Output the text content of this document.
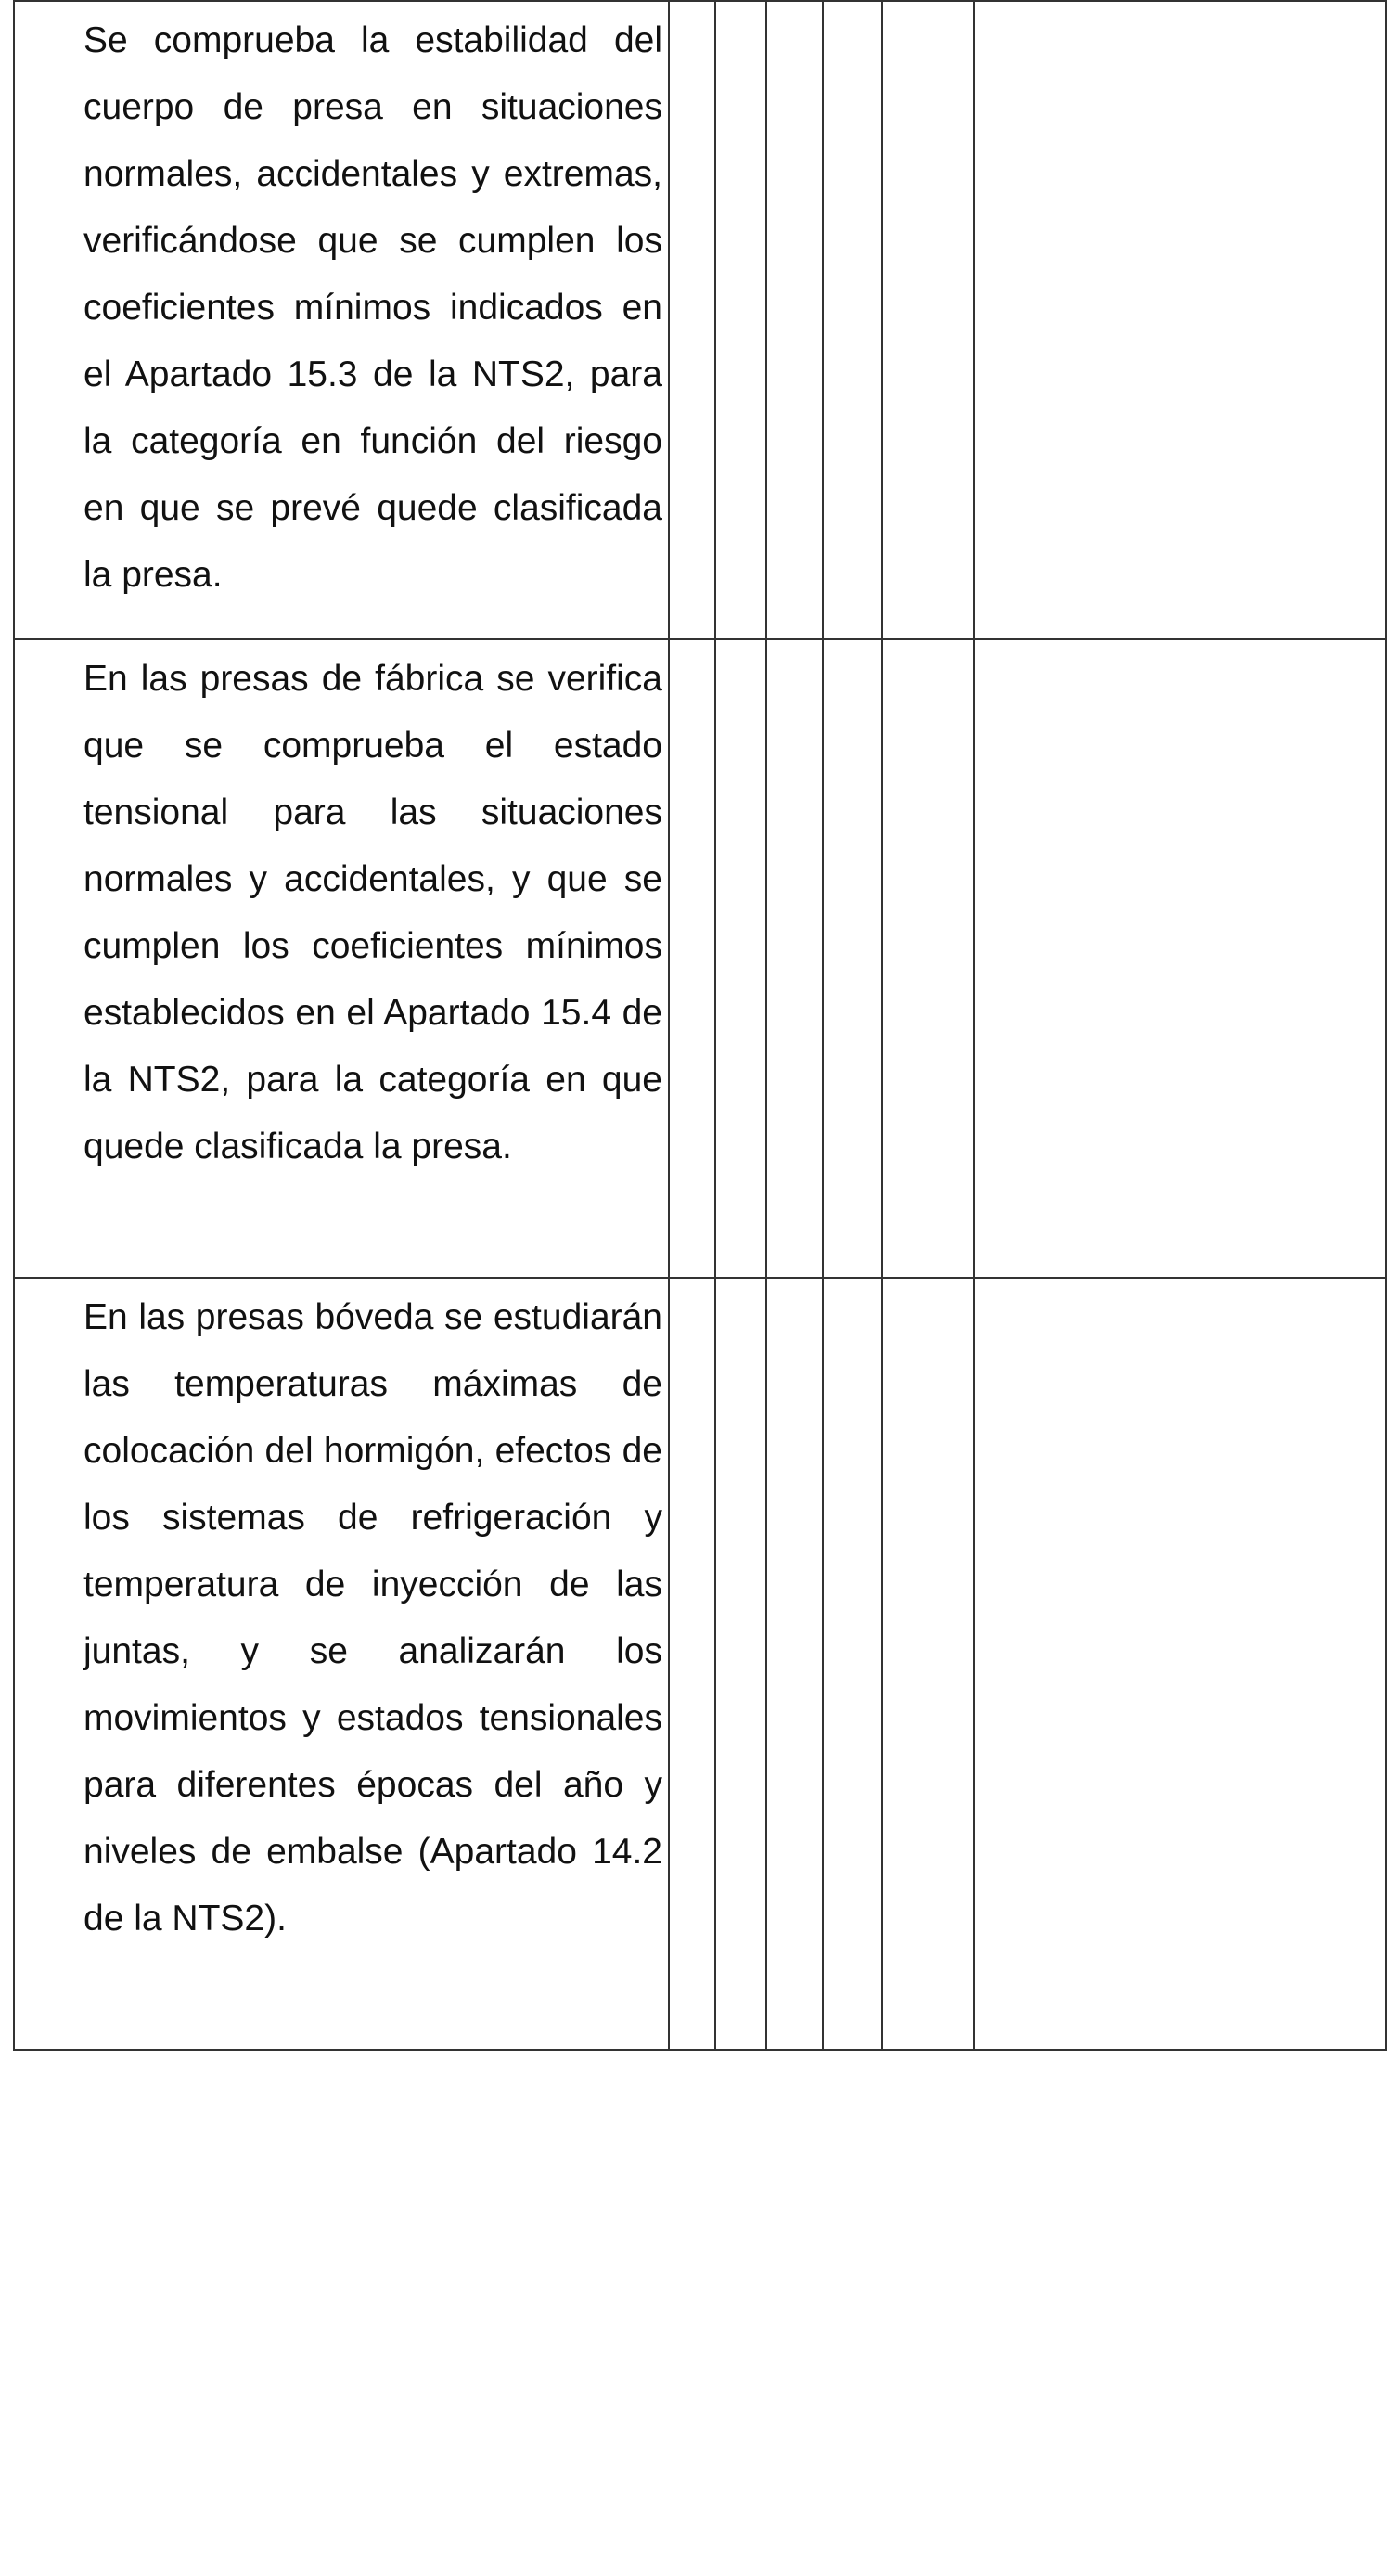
Se comprueba la estabilidad del cuerpo de presa en situaciones normales, accidentales y extremas, verificándose que se cumplen los coeficientes mínimos indicados en el Apartado 15.3 de la NTS2, para la categoría en función del riesgo en que se prevé quede clasificada la presa.						

En las presas de fábrica se verifica que se comprueba el estado tensional para las situaciones normales y accidentales, y que se cumplen los coeficientes mínimos establecidos en el Apartado 15.4 de la NTS2, para la categoría en que quede clasificada la presa.						

En las presas bóveda se estudiarán las temperaturas máximas de colocación del hormigón, efectos de los sistemas de refrigeración y temperatura de inyección de las juntas, y se analizarán los movimientos y estados tensionales para diferentes épocas del año y niveles de embalse (Apartado 14.2 de la NTS2).						
